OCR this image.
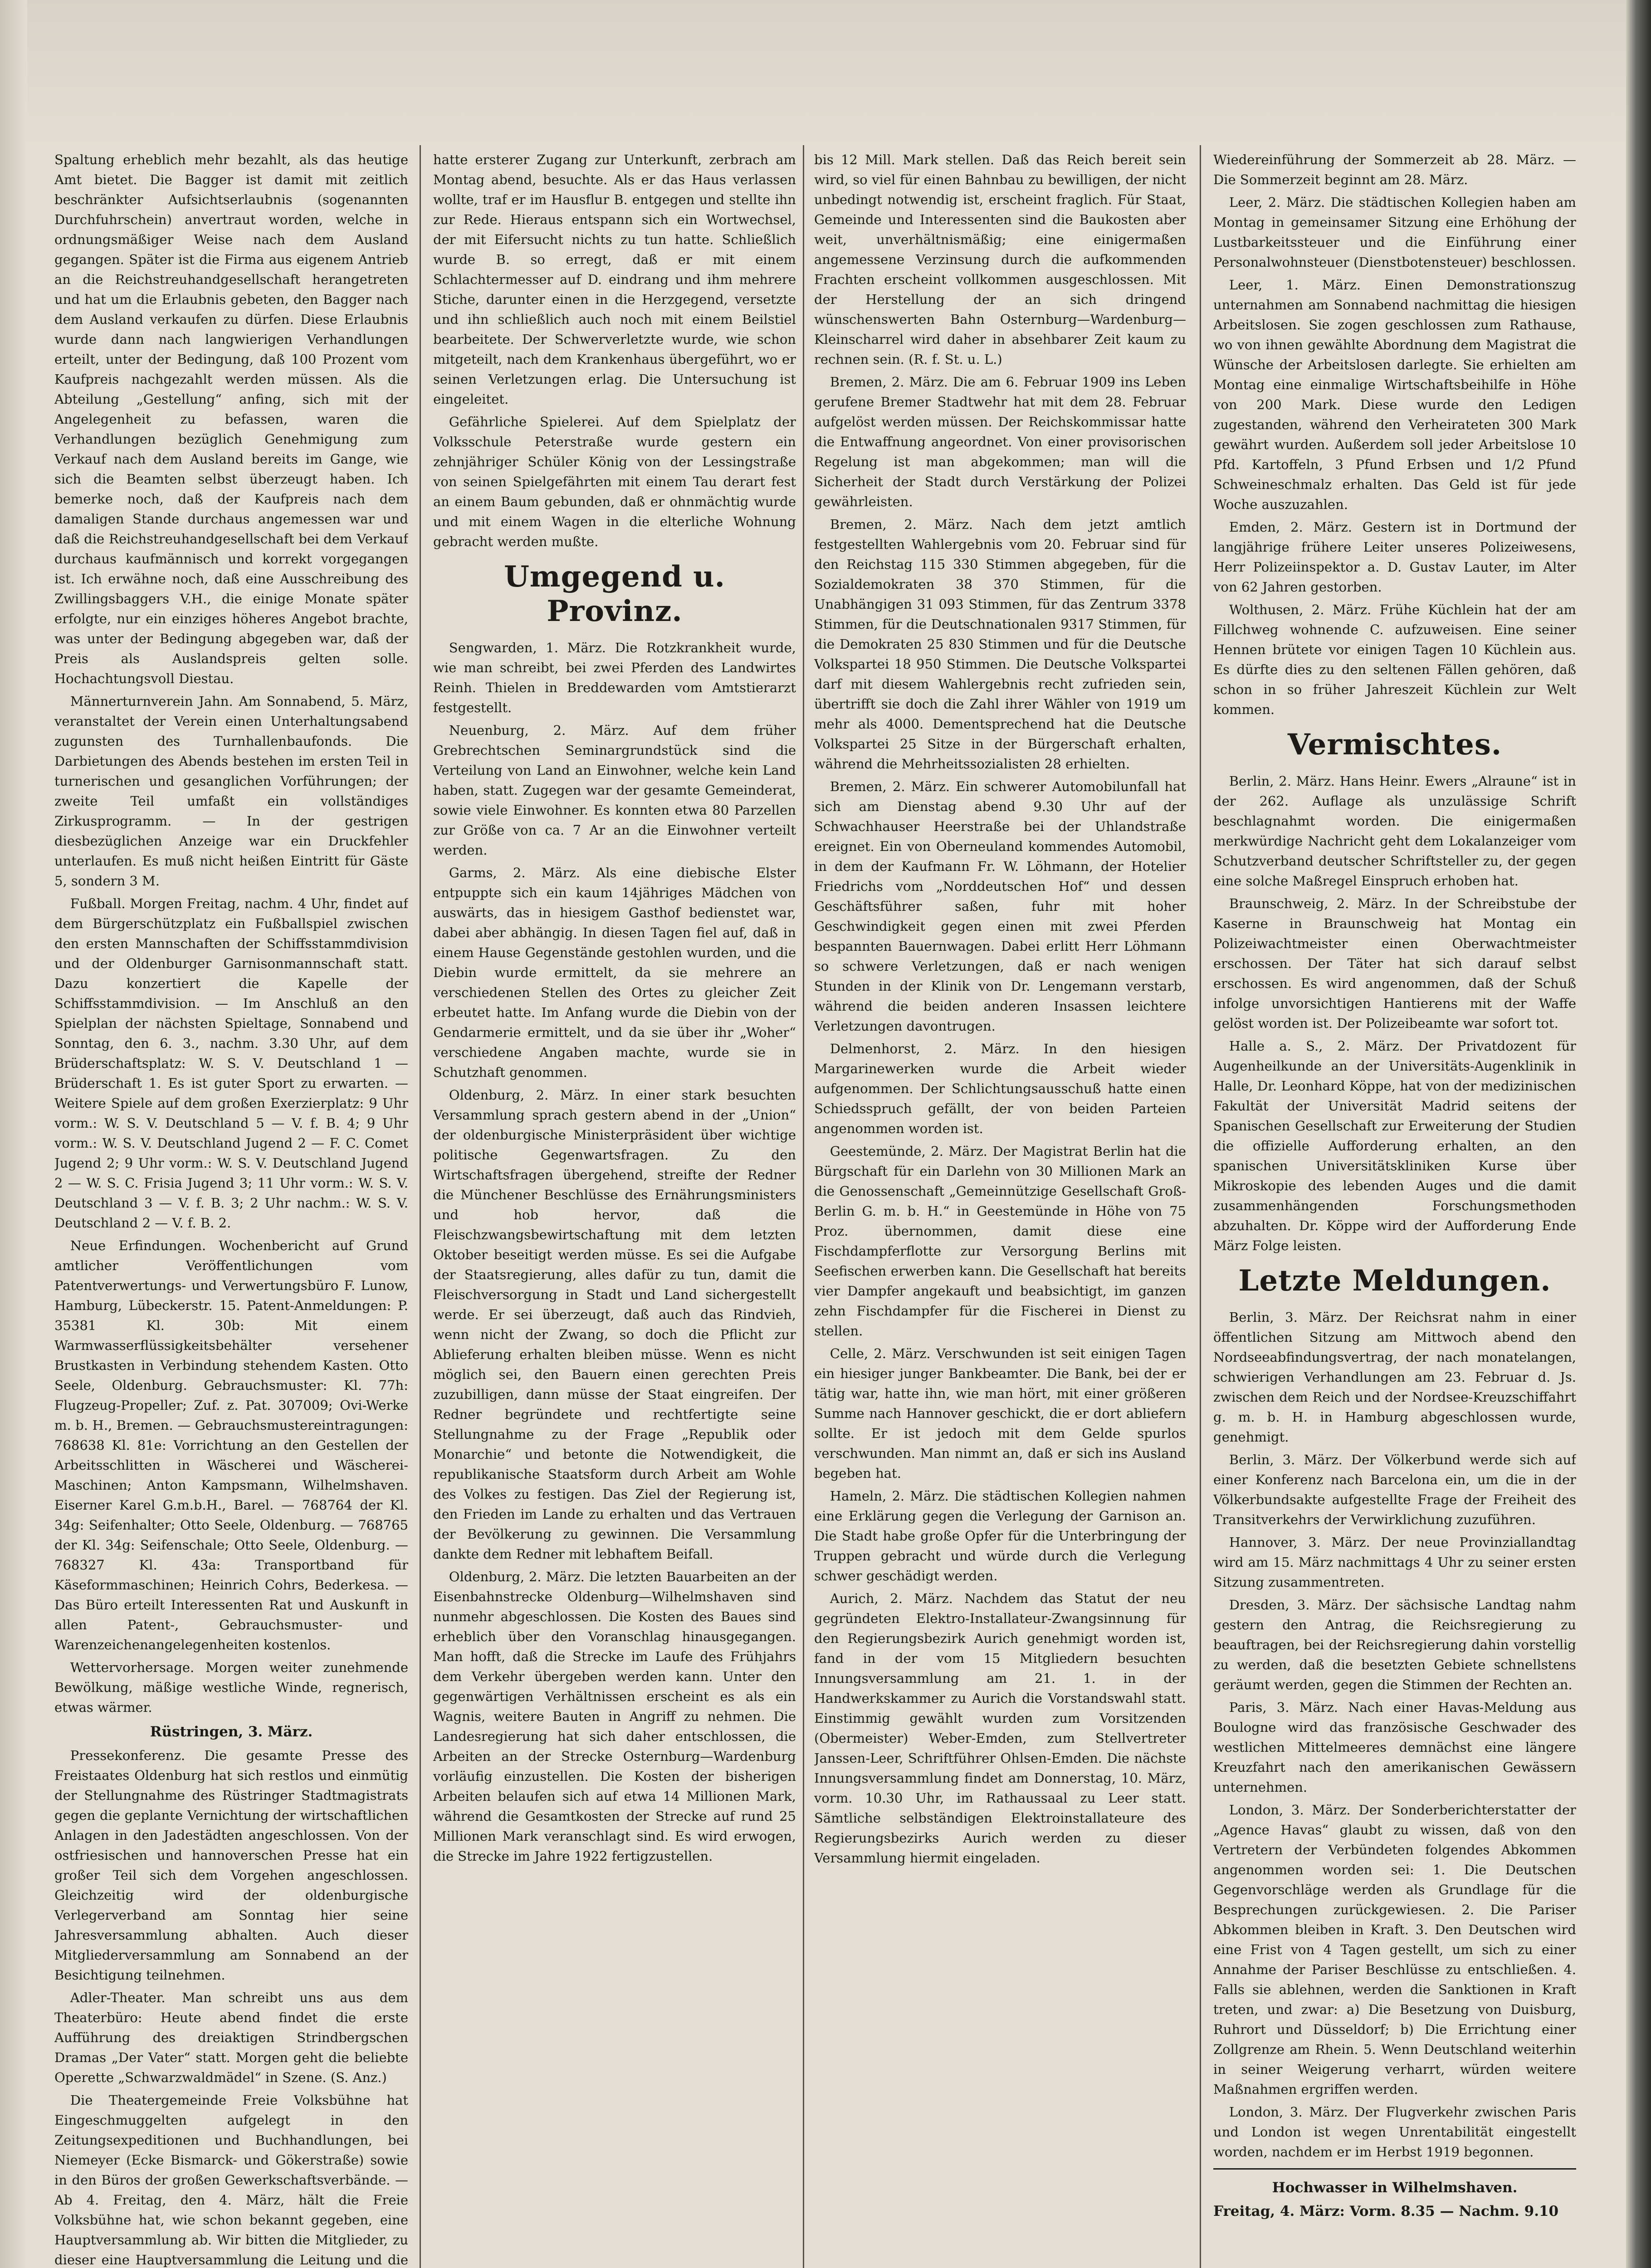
Spaltung erheblich mehr bezahlt, als das heutige Amt bietet. Die Bagger ist damit mit zeitlich beschränkter Aufsichtserlaubnis (sogenannten Durchfuhrschein) anvertraut worden, welche in ordnungsmäßiger Weise nach dem Ausland gegangen. Später ist die Firma aus eigenem Antrieb an die Reichstreuhandgesellschaft herangetreten und hat um die Erlaubnis gebeten, den Bagger nach dem Ausland verkaufen zu dürfen. Diese Erlaubnis wurde dann nach langwierigen Verhandlungen erteilt, unter der Bedingung, daß 100 Prozent vom Kaufpreis nachgezahlt werden müssen. Als die Abteilung „Gestellung“ anfing, sich mit der Angelegenheit zu befassen, waren die Verhandlungen bezüglich Genehmigung zum Verkauf nach dem Ausland bereits im Gange, wie sich die Beamten selbst überzeugt haben. Ich bemerke noch, daß der Kaufpreis nach dem damaligen Stande durchaus angemessen war und daß die Reichstreuhandgesellschaft bei dem Verkauf durchaus kaufmännisch und korrekt vorgegangen ist. Ich erwähne noch, daß eine Ausschreibung des Zwillingsbaggers V.H., die einige Monate später erfolgte, nur ein einziges höheres Angebot brachte, was unter der Bedingung abgegeben war, daß der Preis als Auslandspreis gelten solle. Hochachtungsvoll Diestau.

Männerturnverein Jahn. Am Sonnabend, 5. März, veranstaltet der Verein einen Unterhaltungsabend zugunsten des Turnhallenbaufonds. Die Darbietungen des Abends bestehen im ersten Teil in turnerischen und gesanglichen Vorführungen; der zweite Teil umfaßt ein vollständiges Zirkusprogramm. — In der gestrigen diesbezüglichen Anzeige war ein Druckfehler unterlaufen. Es muß nicht heißen Eintritt für Gäste 5, sondern 3 M.

Fußball. Morgen Freitag, nachm. 4 Uhr, findet auf dem Bürgerschützplatz ein Fußballspiel zwischen den ersten Mannschaften der Schiffsstammdivision und der Oldenburger Garnisonmannschaft statt. Dazu konzertiert die Kapelle der Schiffsstammdivision. — Im Anschluß an den Spielplan der nächsten Spieltage, Sonnabend und Sonntag, den 6. 3., nachm. 3.30 Uhr, auf dem Brüderschaftsplatz: W. S. V. Deutschland 1 — Brüderschaft 1. Es ist guter Sport zu erwarten. — Weitere Spiele auf dem großen Exerzierplatz: 9 Uhr vorm.: W. S. V. Deutschland 5 — V. f. B. 4; 9 Uhr vorm.: W. S. V. Deutschland Jugend 2 — F. C. Comet Jugend 2; 9 Uhr vorm.: W. S. V. Deutschland Jugend 2 — W. S. C. Frisia Jugend 3; 11 Uhr vorm.: W. S. V. Deutschland 3 — V. f. B. 3; 2 Uhr nachm.: W. S. V. Deutschland 2 — V. f. B. 2.

Neue Erfindungen. Wochenbericht auf Grund amtlicher Veröffentlichungen vom Patentverwertungs- und Verwertungsbüro F. Lunow, Hamburg, Lübeckerstr. 15. Patent-Anmeldungen: P. 35381 Kl. 30b: Mit einem Warmwasserflüssigkeitsbehälter versehener Brustkasten in Verbindung stehendem Kasten. Otto Seele, Oldenburg. Gebrauchsmuster: Kl. 77h: Flugzeug-Propeller; Zuf. z. Pat. 307009; Ovi-Werke m. b. H., Bremen. — Gebrauchsmustereintragungen: 768638 Kl. 81e: Vorrichtung an den Gestellen der Arbeitsschlitten in Wäscherei und Wäscherei-Maschinen; Anton Kampsmann, Wilhelmshaven. Eiserner Karel G.m.b.H., Barel. — 768764 der Kl. 34g: Seifenhalter; Otto Seele, Oldenburg. — 768765 der Kl. 34g: Seifenschale; Otto Seele, Oldenburg. — 768327 Kl. 43a: Transportband für Käseformmaschinen; Heinrich Cohrs, Bederkesa. — Das Büro erteilt Interessenten Rat und Auskunft in allen Patent-, Gebrauchsmuster- und Warenzeichenangelegenheiten kostenlos.

Wettervorhersage. Morgen weiter zunehmende Bewölkung, mäßige westliche Winde, regnerisch, etwas wärmer.

Rüstringen, 3. März.

Pressekonferenz. Die gesamte Presse des Freistaates Oldenburg hat sich restlos und einmütig der Stellungnahme des Rüstringer Stadtmagistrats gegen die geplante Vernichtung der wirtschaftlichen Anlagen in den Jadestädten angeschlossen. Von der ostfriesischen und hannoverschen Presse hat ein großer Teil sich dem Vorgehen angeschlossen. Gleichzeitig wird der oldenburgische Verlegerverband am Sonntag hier seine Jahresversammlung abhalten. Auch dieser Mitgliederversammlung am Sonnabend an der Besichtigung teilnehmen.

Adler-Theater. Man schreibt uns aus dem Theaterbüro: Heute abend findet die erste Aufführung des dreiaktigen Strindbergschen Dramas „Der Vater“ statt. Morgen geht die beliebte Operette „Schwarzwaldmädel“ in Szene. (S. Anz.)

Die Theatergemeinde Freie Volksbühne hat Eingeschmuggelten aufgelegt in den Zeitungsexpeditionen und Buchhandlungen, bei Niemeyer (Ecke Bismarck- und Gökerstraße) sowie in den Büros der großen Gewerkschaftsverbände. — Ab 4. Freitag, den 4. März, hält die Freie Volksbühne hat, wie schon bekannt gegeben, eine Hauptversammlung ab. Wir bitten die Mitglieder, zu dieser eine Hauptversammlung die Leitung und die

hatte ersterer Zugang zur Unterkunft, zerbrach am Montag abend, besuchte. Als er das Haus verlassen wollte, traf er im Hausflur B. entgegen und stellte ihn zur Rede. Hieraus entspann sich ein Wortwechsel, der mit Eifersucht nichts zu tun hatte. Schließlich wurde B. so erregt, daß er mit einem Schlachtermesser auf D. eindrang und ihm mehrere Stiche, darunter einen in die Herzgegend, versetzte und ihn schließlich auch noch mit einem Beilstiel bearbeitete. Der Schwerverletzte wurde, wie schon mitgeteilt, nach dem Krankenhaus übergeführt, wo er seinen Verletzungen erlag. Die Untersuchung ist eingeleitet.

Gefährliche Spielerei. Auf dem Spielplatz der Volksschule Peterstraße wurde gestern ein zehnjähriger Schüler König von der Lessingstraße von seinen Spielgefährten mit einem Tau derart fest an einem Baum gebunden, daß er ohnmächtig wurde und mit einem Wagen in die elterliche Wohnung gebracht werden mußte.

Umgegend u. Provinz.

Sengwarden, 1. März. Die Rotzkrankheit wurde, wie man schreibt, bei zwei Pferden des Landwirtes Reinh. Thielen in Breddewarden vom Amtstierarzt festgestellt.

Neuenburg, 2. März. Auf dem früher Grebrechtschen Seminargrundstück sind die Verteilung von Land an Einwohner, welche kein Land haben, statt. Zugegen war der gesamte Gemeinderat, sowie viele Einwohner. Es konnten etwa 80 Parzellen zur Größe von ca. 7 Ar an die Einwohner verteilt werden.

Garms, 2. März. Als eine diebische Elster entpuppte sich ein kaum 14jähriges Mädchen von auswärts, das in hiesigem Gasthof bedienstet war, dabei aber abhängig. In diesen Tagen fiel auf, daß in einem Hause Gegenstände gestohlen wurden, und die Diebin wurde ermittelt, da sie mehrere an verschiedenen Stellen des Ortes zu gleicher Zeit erbeutet hatte. Im Anfang wurde die Diebin von der Gendarmerie ermittelt, und da sie über ihr „Woher“ verschiedene Angaben machte, wurde sie in Schutzhaft genommen.

Oldenburg, 2. März. In einer stark besuchten Versammlung sprach gestern abend in der „Union“ der oldenburgische Ministerpräsident über wichtige politische Gegenwartsfragen. Zu den Wirtschaftsfragen übergehend, streifte der Redner die Münchener Beschlüsse des Ernährungsministers und hob hervor, daß die Fleischzwangsbewirtschaftung mit dem letzten Oktober beseitigt werden müsse. Es sei die Aufgabe der Staatsregierung, alles dafür zu tun, damit die Fleischversorgung in Stadt und Land sichergestellt werde. Er sei überzeugt, daß auch das Rindvieh, wenn nicht der Zwang, so doch die Pflicht zur Ablieferung erhalten bleiben müsse. Wenn es nicht möglich sei, den Bauern einen gerechten Preis zuzubilligen, dann müsse der Staat eingreifen. Der Redner begründete und rechtfertigte seine Stellungnahme zu der Frage „Republik oder Monarchie“ und betonte die Notwendigkeit, die republikanische Staatsform durch Arbeit am Wohle des Volkes zu festigen. Das Ziel der Regierung ist, den Frieden im Lande zu erhalten und das Vertrauen der Bevölkerung zu gewinnen. Die Versammlung dankte dem Redner mit lebhaftem Beifall.

Oldenburg, 2. März. Die letzten Bauarbeiten an der Eisenbahnstrecke Oldenburg—Wilhelmshaven sind nunmehr abgeschlossen. Die Kosten des Baues sind erheblich über den Voranschlag hinausgegangen. Man hofft, daß die Strecke im Laufe des Frühjahrs dem Verkehr übergeben werden kann. Unter den gegenwärtigen Verhältnissen erscheint es als ein Wagnis, weitere Bauten in Angriff zu nehmen. Die Landesregierung hat sich daher entschlossen, die Arbeiten an der Strecke Osternburg—Wardenburg vorläufig einzustellen. Die Kosten der bisherigen Arbeiten belaufen sich auf etwa 14 Millionen Mark, während die Gesamtkosten der Strecke auf rund 25 Millionen Mark veranschlagt sind. Es wird erwogen, die Strecke im Jahre 1922 fertigzustellen.

bis 12 Mill. Mark stellen. Daß das Reich bereit sein wird, so viel für einen Bahnbau zu bewilligen, der nicht unbedingt notwendig ist, erscheint fraglich. Für Staat, Gemeinde und Interessenten sind die Baukosten aber weit, unverhältnismäßig; eine einigermaßen angemessene Verzinsung durch die aufkommenden Frachten erscheint vollkommen ausgeschlossen. Mit der Herstellung der an sich dringend wünschenswerten Bahn Osternburg—Wardenburg—Kleinscharrel wird daher in absehbarer Zeit kaum zu rechnen sein. (R. f. St. u. L.)

Bremen, 2. März. Die am 6. Februar 1909 ins Leben gerufene Bremer Stadtwehr hat mit dem 28. Februar aufgelöst werden müssen. Der Reichskommissar hatte die Entwaffnung angeordnet. Von einer provisorischen Regelung ist man abgekommen; man will die Sicherheit der Stadt durch Verstärkung der Polizei gewährleisten.

Bremen, 2. März. Nach dem jetzt amtlich festgestellten Wahlergebnis vom 20. Februar sind für den Reichstag 115 330 Stimmen abgegeben, für die Sozialdemokraten 38 370 Stimmen, für die Unabhängigen 31 093 Stimmen, für das Zentrum 3378 Stimmen, für die Deutschnationalen 9317 Stimmen, für die Demokraten 25 830 Stimmen und für die Deutsche Volkspartei 18 950 Stimmen. Die Deutsche Volkspartei darf mit diesem Wahlergebnis recht zufrieden sein, übertrifft sie doch die Zahl ihrer Wähler von 1919 um mehr als 4000. Dementsprechend hat die Deutsche Volkspartei 25 Sitze in der Bürgerschaft erhalten, während die Mehrheitssozialisten 28 erhielten.

Bremen, 2. März. Ein schwerer Automobilunfall hat sich am Dienstag abend 9.30 Uhr auf der Schwachhauser Heerstraße bei der Uhlandstraße ereignet. Ein von Oberneuland kommendes Automobil, in dem der Kaufmann Fr. W. Löhmann, der Hotelier Friedrichs vom „Norddeutschen Hof“ und dessen Geschäftsführer saßen, fuhr mit hoher Geschwindigkeit gegen einen mit zwei Pferden bespannten Bauernwagen. Dabei erlitt Herr Löhmann so schwere Verletzungen, daß er nach wenigen Stunden in der Klinik von Dr. Lengemann verstarb, während die beiden anderen Insassen leichtere Verletzungen davontrugen.

Delmenhorst, 2. März. In den hiesigen Margarinewerken wurde die Arbeit wieder aufgenommen. Der Schlichtungsausschuß hatte einen Schiedsspruch gefällt, der von beiden Parteien angenommen worden ist.

Geestemünde, 2. März. Der Magistrat Berlin hat die Bürgschaft für ein Darlehn von 30 Millionen Mark an die Genossenschaft „Gemeinnützige Gesellschaft Groß-Berlin G. m. b. H.“ in Geestemünde in Höhe von 75 Proz. übernommen, damit diese eine Fischdampferflotte zur Versorgung Berlins mit Seefischen erwerben kann. Die Gesellschaft hat bereits vier Dampfer angekauft und beabsichtigt, im ganzen zehn Fischdampfer für die Fischerei in Dienst zu stellen.

Celle, 2. März. Verschwunden ist seit einigen Tagen ein hiesiger junger Bankbeamter. Die Bank, bei der er tätig war, hatte ihn, wie man hört, mit einer größeren Summe nach Hannover geschickt, die er dort abliefern sollte. Er ist jedoch mit dem Gelde spurlos verschwunden. Man nimmt an, daß er sich ins Ausland begeben hat.

Hameln, 2. März. Die städtischen Kollegien nahmen eine Erklärung gegen die Verlegung der Garnison an. Die Stadt habe große Opfer für die Unterbringung der Truppen gebracht und würde durch die Verlegung schwer geschädigt werden.

Aurich, 2. März. Nachdem das Statut der neu gegründeten Elektro-Installateur-Zwangsinnung für den Regierungsbezirk Aurich genehmigt worden ist, fand in der vom 15 Mitgliedern besuchten Innungsversammlung am 21. 1. in der Handwerkskammer zu Aurich die Vorstandswahl statt. Einstimmig gewählt wurden zum Vorsitzenden (Obermeister) Weber-Emden, zum Stellvertreter Janssen-Leer, Schriftführer Ohlsen-Emden. Die nächste Innungsversammlung findet am Donnerstag, 10. März, vorm. 10.30 Uhr, im Rathaussaal zu Leer statt. Sämtliche selbständigen Elektroinstallateure des Regierungsbezirks Aurich werden zu dieser Versammlung hiermit eingeladen.

Wiedereinführung der Sommerzeit ab 28. März. — Die Sommerzeit beginnt am 28. März.

Leer, 2. März. Die städtischen Kollegien haben am Montag in gemeinsamer Sitzung eine Erhöhung der Lustbarkeitssteuer und die Einführung einer Personalwohnsteuer (Dienstbotensteuer) beschlossen.

Leer, 1. März. Einen Demonstrationszug unternahmen am Sonnabend nachmittag die hiesigen Arbeitslosen. Sie zogen geschlossen zum Rathause, wo von ihnen gewählte Abordnung dem Magistrat die Wünsche der Arbeitslosen darlegte. Sie erhielten am Montag eine einmalige Wirtschaftsbeihilfe in Höhe von 200 Mark. Diese wurde den Ledigen zugestanden, während den Verheirateten 300 Mark gewährt wurden. Außerdem soll jeder Arbeitslose 10 Pfd. Kartoffeln, 3 Pfund Erbsen und 1/2 Pfund Schweineschmalz erhalten. Das Geld ist für jede Woche auszuzahlen.

Emden, 2. März. Gestern ist in Dortmund der langjährige frühere Leiter unseres Polizeiwesens, Herr Polizeiinspektor a. D. Gustav Lauter, im Alter von 62 Jahren gestorben.

Wolthusen, 2. März. Frühe Küchlein hat der am Fillchweg wohnende C. aufzuweisen. Eine seiner Hennen brütete vor einigen Tagen 10 Küchlein aus. Es dürfte dies zu den seltenen Fällen gehören, daß schon in so früher Jahreszeit Küchlein zur Welt kommen.

Vermischtes.

Berlin, 2. März. Hans Heinr. Ewers „Alraune“ ist in der 262. Auflage als unzulässige Schrift beschlagnahmt worden. Die einigermaßen merkwürdige Nachricht geht dem Lokalanzeiger vom Schutzverband deutscher Schriftsteller zu, der gegen eine solche Maßregel Einspruch erhoben hat.

Braunschweig, 2. März. In der Schreibstube der Kaserne in Braunschweig hat Montag ein Polizeiwachtmeister einen Oberwachtmeister erschossen. Der Täter hat sich darauf selbst erschossen. Es wird angenommen, daß der Schuß infolge unvorsichtigen Hantierens mit der Waffe gelöst worden ist. Der Polizeibeamte war sofort tot.

Halle a. S., 2. März. Der Privatdozent für Augenheilkunde an der Universitäts-Augenklinik in Halle, Dr. Leonhard Köppe, hat von der medizinischen Fakultät der Universität Madrid seitens der Spanischen Gesellschaft zur Erweiterung der Studien die offizielle Aufforderung erhalten, an den spanischen Universitätskliniken Kurse über Mikroskopie des lebenden Auges und die damit zusammenhängenden Forschungsmethoden abzuhalten. Dr. Köppe wird der Aufforderung Ende März Folge leisten.

Letzte Meldungen.

Berlin, 3. März. Der Reichsrat nahm in einer öffentlichen Sitzung am Mittwoch abend den Nordseeabfindungsvertrag, der nach monatelangen, schwierigen Verhandlungen am 23. Februar d. Js. zwischen dem Reich und der Nordsee-Kreuzschiffahrt g. m. b. H. in Hamburg abgeschlossen wurde, genehmigt.

Berlin, 3. März. Der Völkerbund werde sich auf einer Konferenz nach Barcelona ein, um die in der Völkerbundsakte aufgestellte Frage der Freiheit des Transitverkehrs der Verwirklichung zuzuführen.

Hannover, 3. März. Der neue Provinziallandtag wird am 15. März nachmittags 4 Uhr zu seiner ersten Sitzung zusammentreten.

Dresden, 3. März. Der sächsische Landtag nahm gestern den Antrag, die Reichsregierung zu beauftragen, bei der Reichsregierung dahin vorstellig zu werden, daß die besetzten Gebiete schnellstens geräumt werden, gegen die Stimmen der Rechten an.

Paris, 3. März. Nach einer Havas-Meldung aus Boulogne wird das französische Geschwader des westlichen Mittelmeeres demnächst eine längere Kreuzfahrt nach den amerikanischen Gewässern unternehmen.

London, 3. März. Der Sonderberichterstatter der „Agence Havas“ glaubt zu wissen, daß von den Vertretern der Verbündeten folgendes Abkommen angenommen worden sei: 1. Die Deutschen Gegenvorschläge werden als Grundlage für die Besprechungen zurückgewiesen. 2. Die Pariser Abkommen bleiben in Kraft. 3. Den Deutschen wird eine Frist von 4 Tagen gestellt, um sich zu einer Annahme der Pariser Beschlüsse zu entschließen. 4. Falls sie ablehnen, werden die Sanktionen in Kraft treten, und zwar: a) Die Besetzung von Duisburg, Ruhrort und Düsseldorf; b) Die Errichtung einer Zollgrenze am Rhein. 5. Wenn Deutschland weiterhin in seiner Weigerung verharrt, würden weitere Maßnahmen ergriffen werden.

London, 3. März. Der Flugverkehr zwischen Paris und London ist wegen Unrentabilität eingestellt worden, nachdem er im Herbst 1919 begonnen.

Hochwasser in Wilhelmshaven.
Freitag, 4. März: Vorm. 8.35 — Nachm. 9.10
